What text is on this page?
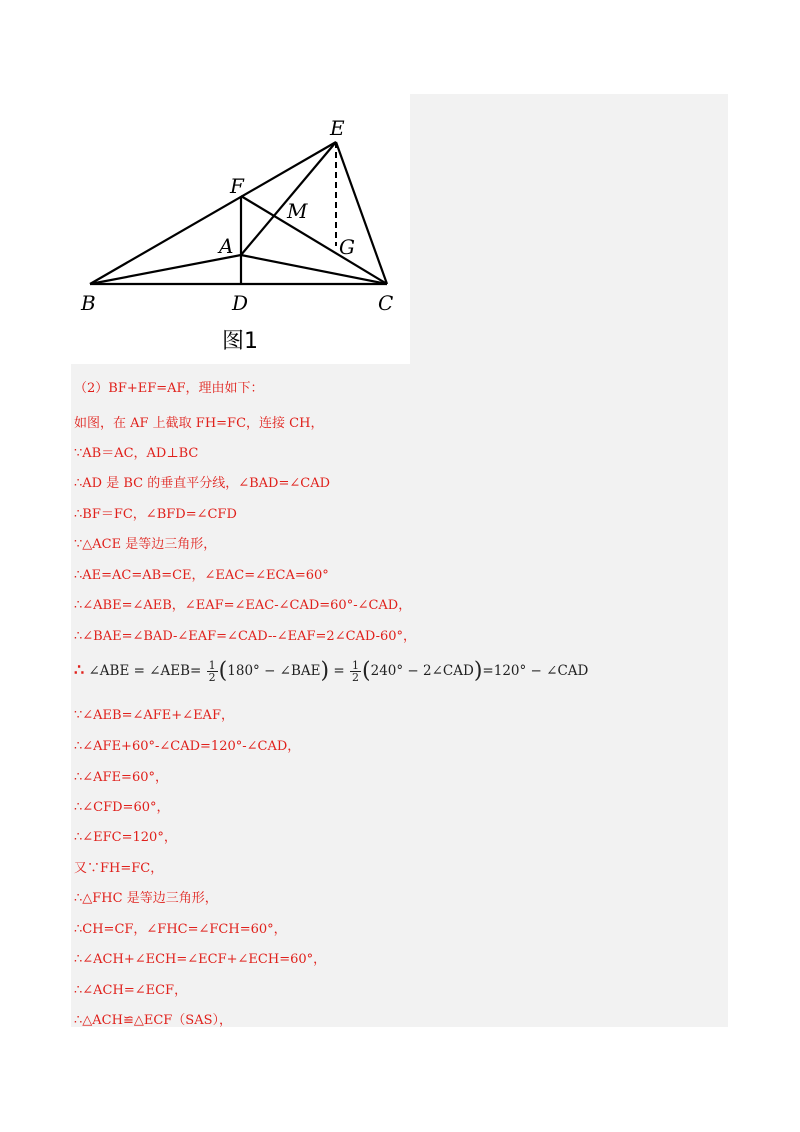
E
F
M
A	G
B	D	C
图1
（2）BF+EF=AF，理由如下：
如图，在 AF 上截取 FH=FC，连接 CH，
∵AB＝AC，AD⊥BC
∴AD 是 BC 的垂直平分线，∠BAD=∠CAD
∴BF＝FC，∠BFD=∠CFD
∵△ACE 是等边三角形，
∴AE=AC=AB=CE，∠EAC=∠ECA=60°
∴∠ABE=∠AEB，∠EAF=∠EAC-∠CAD=60°-∠CAD，
∴∠BAE=∠BAD-∠EAF=∠CAD--∠EAF=2∠CAD-60°，
∴ ∠ABE = ∠AEB= $\frac{1}{2} (180^\circ$ − ∠BAE) = $\frac{1}{2} (240^\circ$ − 2∠CAD)=120° − ∠CAD
∵∠AEB=∠AFE+∠EAF，
∴∠AFE+60°-∠CAD=120°-∠CAD，
∴∠AFE=60°，
∴∠CFD=60°，
∴∠EFC=120°，
又∵FH=FC，
∴△FHC 是等边三角形，
∴CH=CF，∠FHC=∠FCH=60°，
∴∠ACH+∠ECH=∠ECF+∠ECH=60°，
∴∠ACH=∠ECF，
∴△ACH≌△ECF（SAS），
